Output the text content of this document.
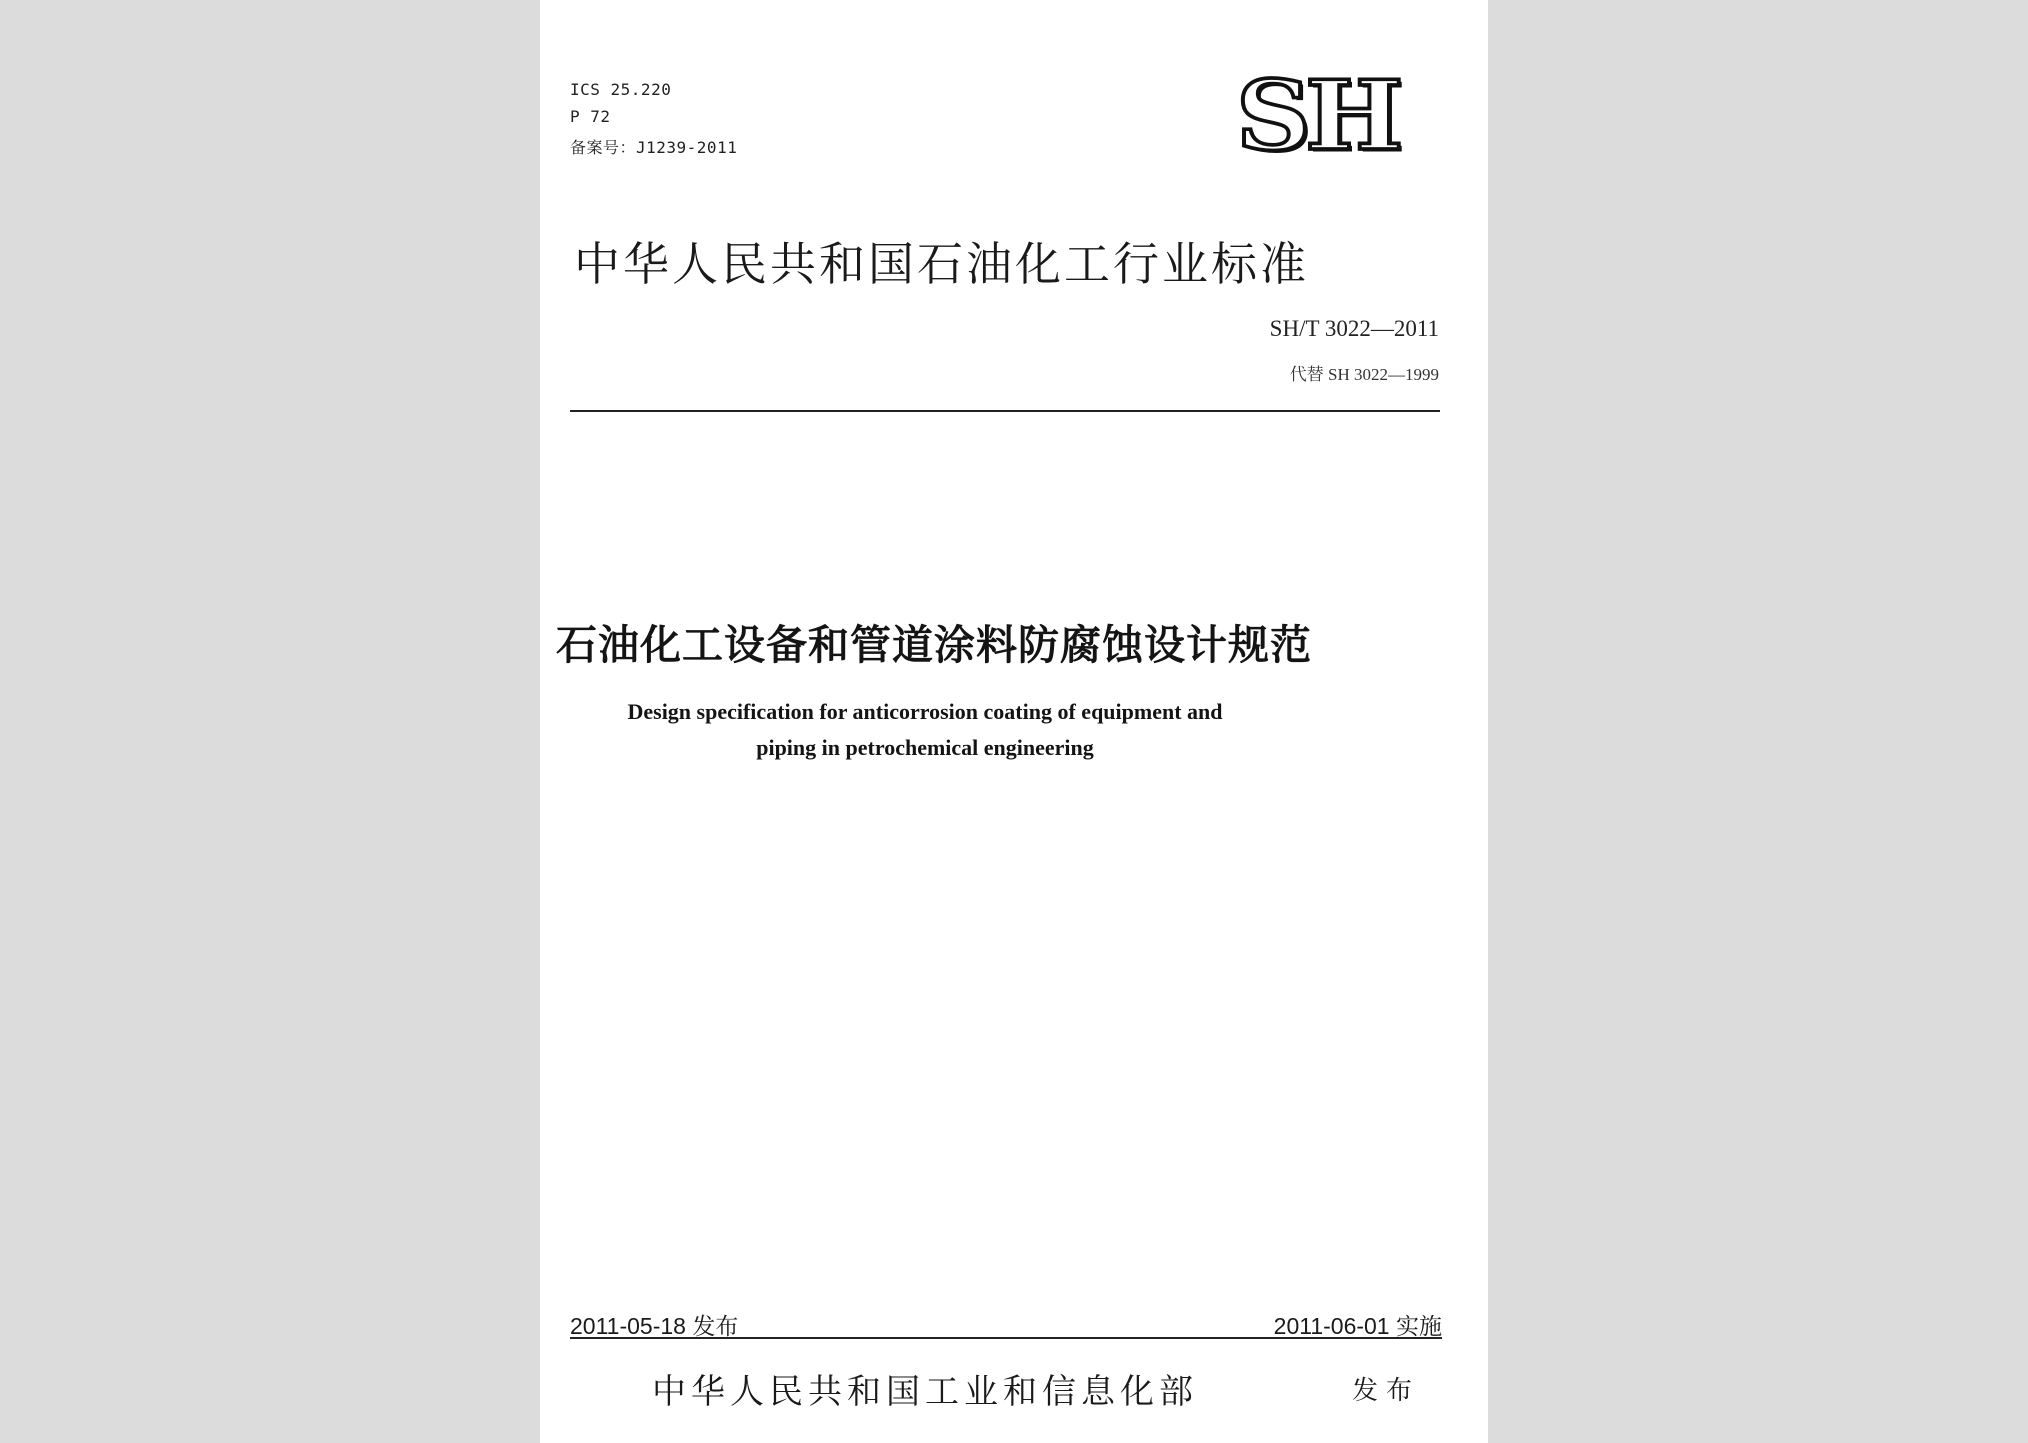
ICS 25.220
P 72
备案号：J1239-2011	SH
中华人民共和国石油化工行业标准
SH/T 3022—2011
代替 SH 3022—1999
石油化工设备和管道涂料防腐蚀设计规范
Design specification for anticorrosion coating of equipment and
piping in petrochemical engineering
2011-05-18 发布	2011-06-01 实施
中华人民共和国工业和信息化部	发布
